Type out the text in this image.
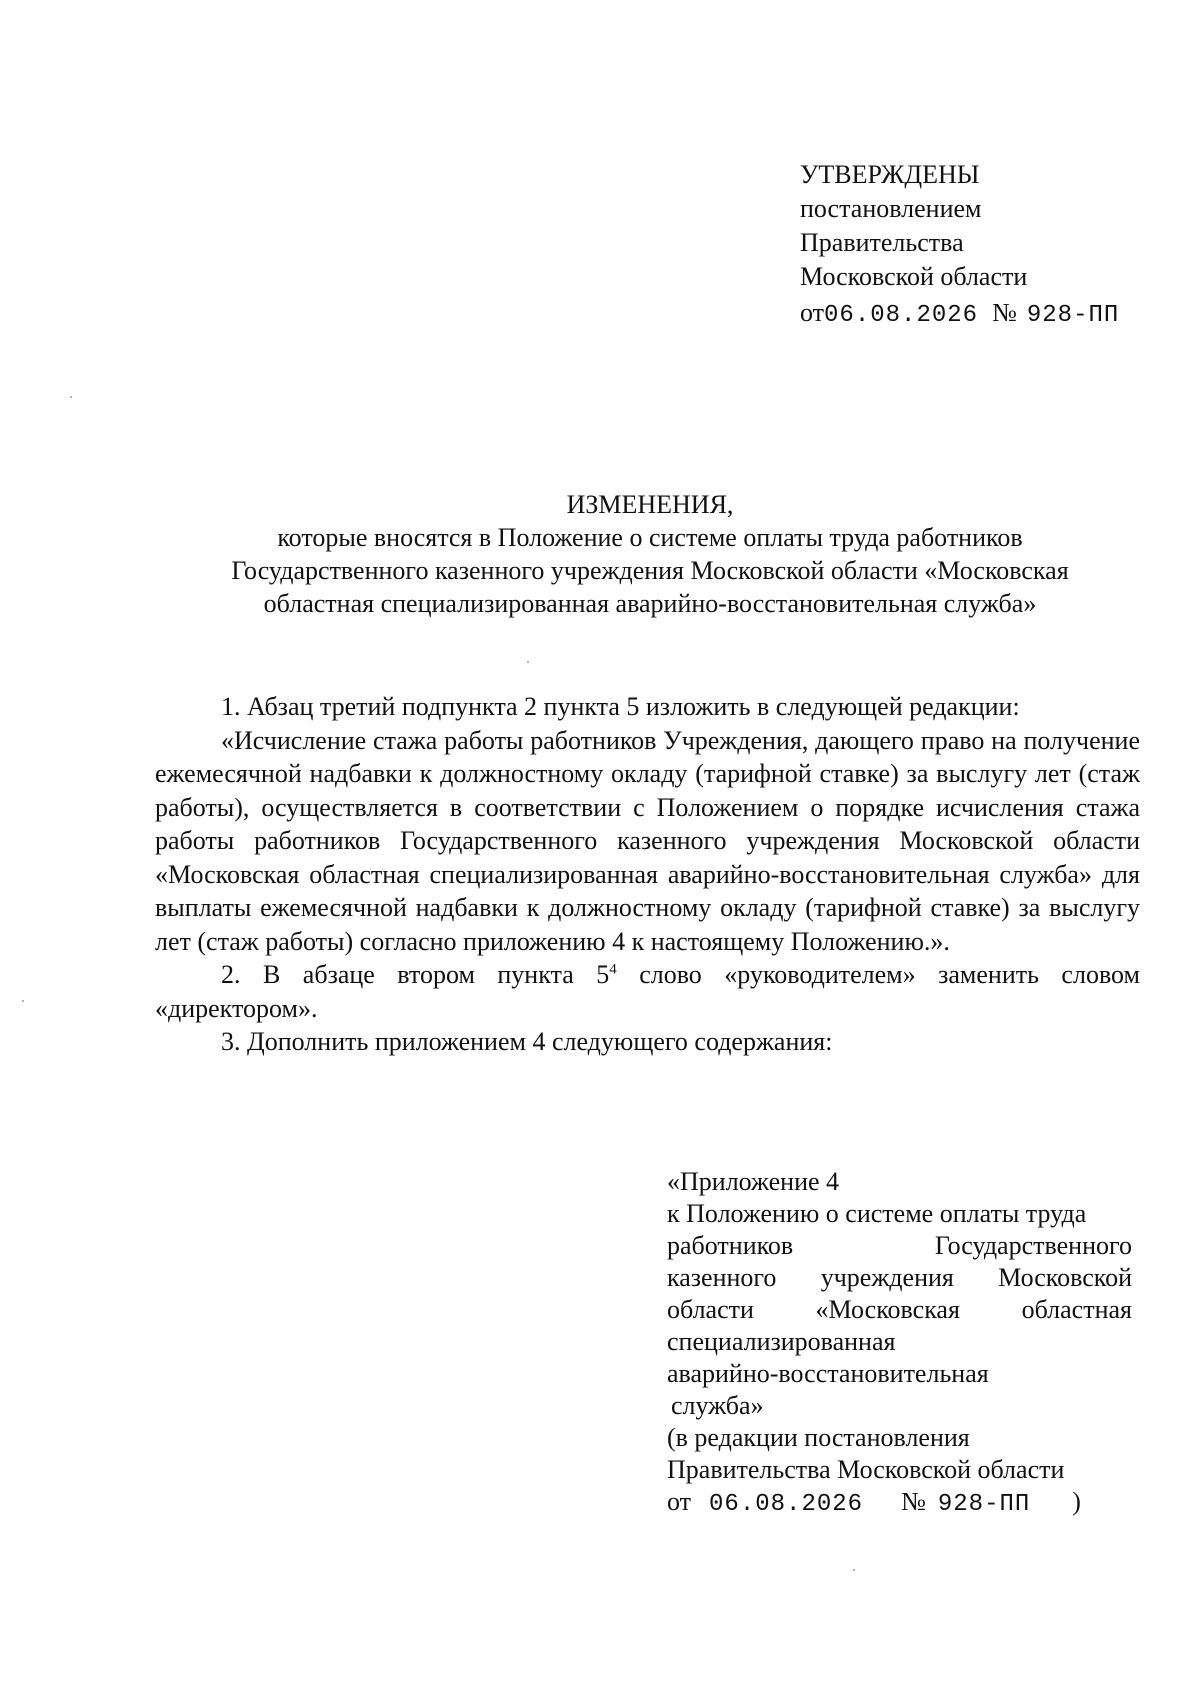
УТВЕРЖДЕНЫ
постановлением
Правительства
Московской области
от06.08.2026 № 928-ПП
ИЗМЕНЕНИЯ,
которые вносятся в Положение о системе оплаты труда работников
Государственного казенного учреждения Московской области «Московская
областная специализированная аварийно-восстановительная служба»

1. Абзац третий подпункта 2 пункта 5 изложить в следующей редакции:

«Исчисление стажа работы работников Учреждения, дающего право на получение ежемесячной надбавки к должностному окладу (тарифной ставке) за выслугу лет (стаж работы), осуществляется в соответствии с Положением о порядке исчисления стажа работы работников Государственного казенного учреждения Московской области «Московская областная специализированная аварийно-восстановительная служба» для выплаты ежемесячной надбавки к должностному окладу (тарифной ставке) за выслугу лет (стаж работы) согласно приложению 4 к настоящему Положению.».

2. В абзаце втором пункта $5^4$ слово «руководителем» заменить словом «директором».

3. Дополнить приложением 4 следующего содержания:

«Приложение 4
к Положению о системе оплаты труда
работников Государственного
казенного учреждения Московской
области «Московская областная
специализированная
аварийно-восстановительная
служба»
(в редакции постановления
Правительства Московской области
от 06.08.2026 № 928-ПП )
